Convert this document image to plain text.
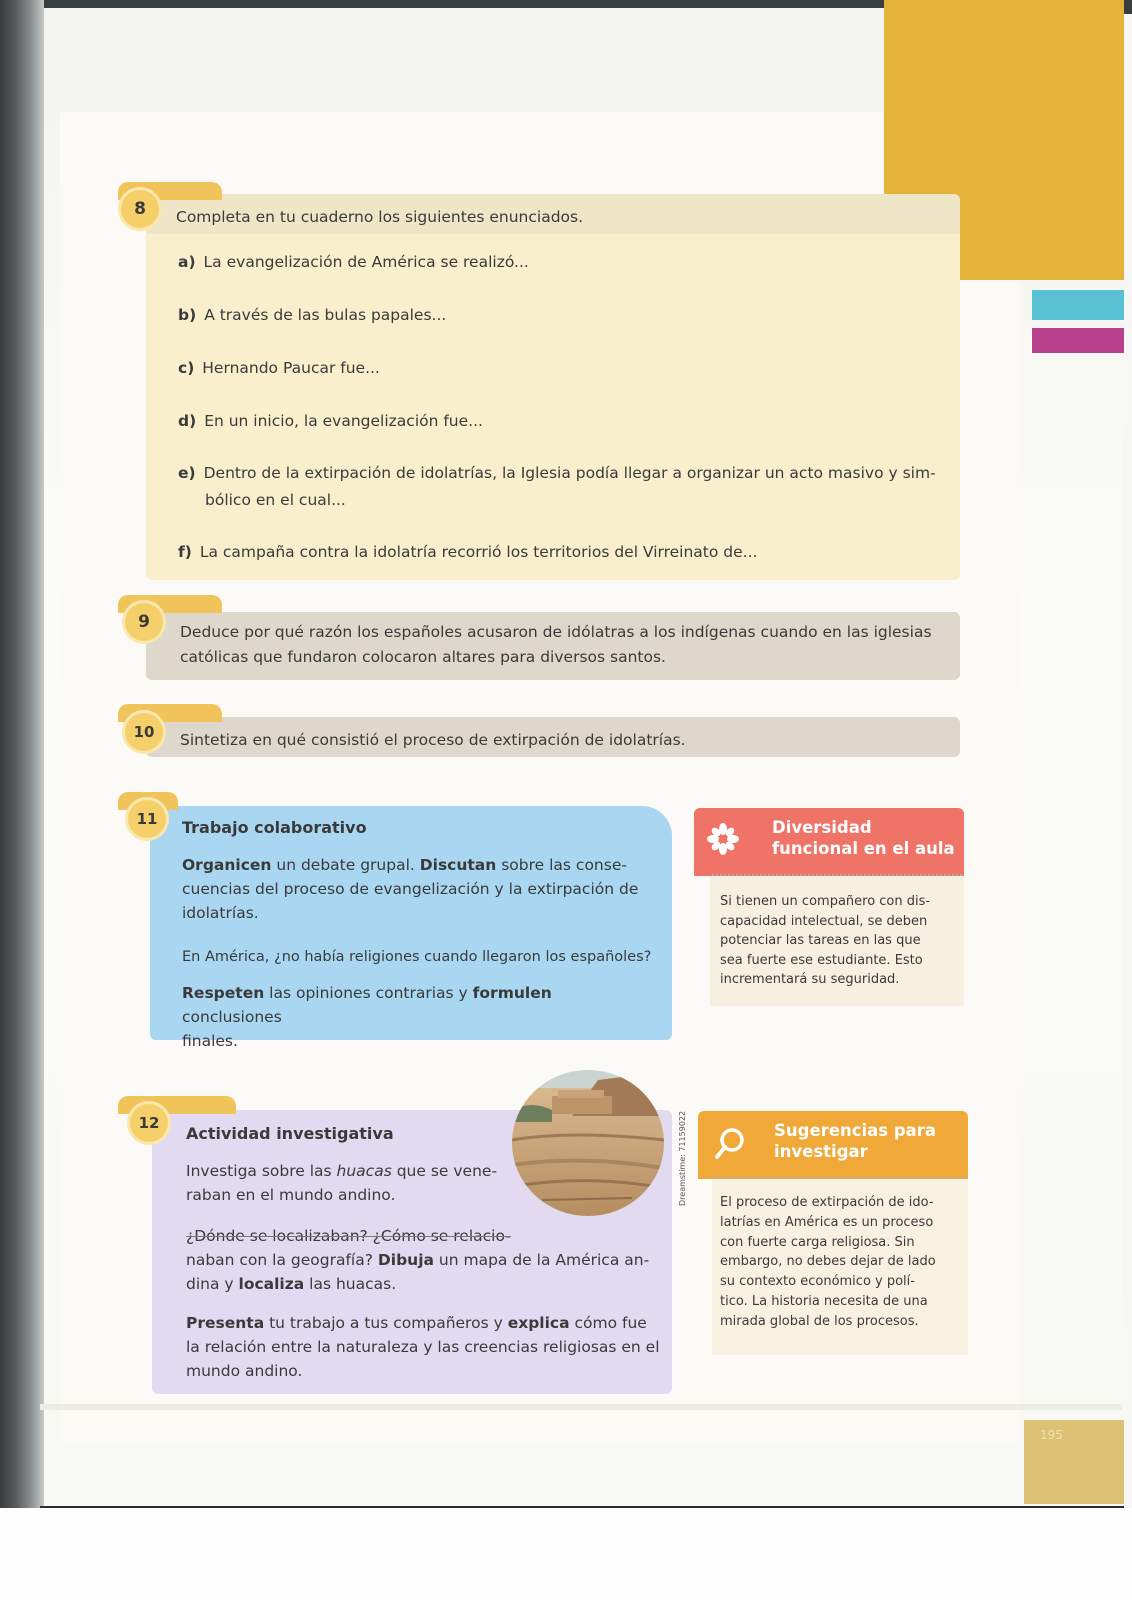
195
8	Completa en tu cuaderno los siguientes enunciados.
a) La evangelización de América se realizó...
b) A través de las bulas papales...
c) Hernando Paucar fue...
d) En un inicio, la evangelización fue...
e) Dentro de la extirpación de idolatrías, la Iglesia podía llegar a organizar un acto masivo y sim-
bólico en el cual...
f) La campaña contra la idolatría recorrió los territorios del Virreinato de...
9	Deduce por qué razón los españoles acusaron de idólatras a los indígenas cuando en las iglesias
católicas que fundaron colocaron altares para diversos santos.
10	Sintetiza en qué consistió el proceso de extirpación de idolatrías.
11	Trabajo colaborativo
Organicen un debate grupal. Discutan sobre las conse-
cuencias del proceso de evangelización y la extirpación de
idolatrías.
En América, ¿no había religiones cuando llegaron los españoles?
Respeten las opiniones contrarias y formulen conclusiones
finales.
12
Actividad investigativa
Investiga sobre las huacas que se vene-
raban en el mundo andino.
¿Dónde se localizaban? ¿Cómo se relacio-
naban con la geografía? Dibuja un mapa de la América an-
dina y localiza las huacas.
Presenta tu trabajo a tus compañeros y explica cómo fue
la relación entre la naturaleza y las creencias religiosas en el
mundo andino.
Dreamstime: 71159022
Diversidad
funcional en el aula
Si tienen un compañero con dis-
capacidad intelectual, se deben
potenciar las tareas en las que
sea fuerte ese estudiante. Esto
incrementará su seguridad.
Sugerencias para
investigar
El proceso de extirpación de ido-
latrías en América es un proceso
con fuerte carga religiosa. Sin
embargo, no debes dejar de lado
su contexto económico y polí-
tico. La historia necesita de una
mirada global de los procesos.
